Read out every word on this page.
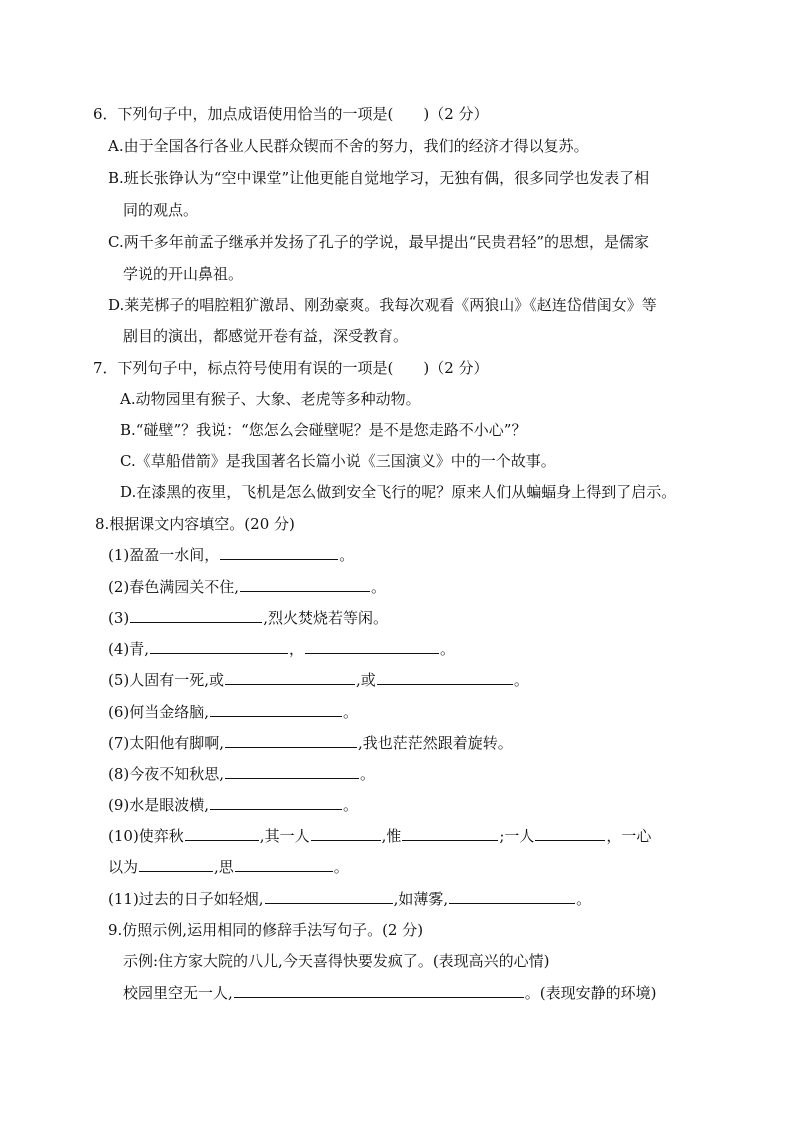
6．下列句子中，加点成语使用恰当的一项是(　　)（2 分）
A.由于全国各行各业人民群众锲而不舍的努力，我们的经济才得以复苏。
B.班长张铮认为“空中课堂”让他更能自觉地学习，无独有偶，很多同学也发表了相
同的观点。
C.两千多年前孟子继承并发扬了孔子的学说，最早提出“民贵君轻”的思想，是儒家
学说的开山鼻祖。
D.莱芜梆子的唱腔粗犷激昂、刚劲豪爽。我每次观看《两狼山》《赵连岱借闺女》等
剧目的演出，都感觉开卷有益，深受教育。
7．下列句子中，标点符号使用有误的一项是(　　)（2 分）
A.动物园里有猴子、大象、老虎等多种动物。
B.“碰壁”？我说：“您怎么会碰壁呢？是不是您走路不小心”？
C.《草船借箭》是我国著名长篇小说《三国演义》中的一个故事。
D.在漆黑的夜里，飞机是怎么做到安全飞行的呢？原来人们从蝙蝠身上得到了启示。
8.根据课文内容填空。(20 分)
(1)盈盈一水间，	。
(2)春色满园关不住,	。
(3)	,烈火焚烧若等闲。
(4)青,	，	。
(5)人固有一死,或	,或	。
(6)何当金络脑,	。
(7)太阳他有脚啊,	,我也茫茫然跟着旋转。
(8)今夜不知秋思,	。
(9)水是眼波横,	。
(10)使弈秋	,其一人	,惟	;一人	，一心
以为	,思	。
(11)过去的日子如轻烟,	,如薄雾,	。
9.仿照示例,运用相同的修辞手法写句子。(2 分)
示例:住方家大院的八儿,今天喜得快要发疯了。(表现高兴的心情)
校园里空无一人,	。(表现安静的环境)
